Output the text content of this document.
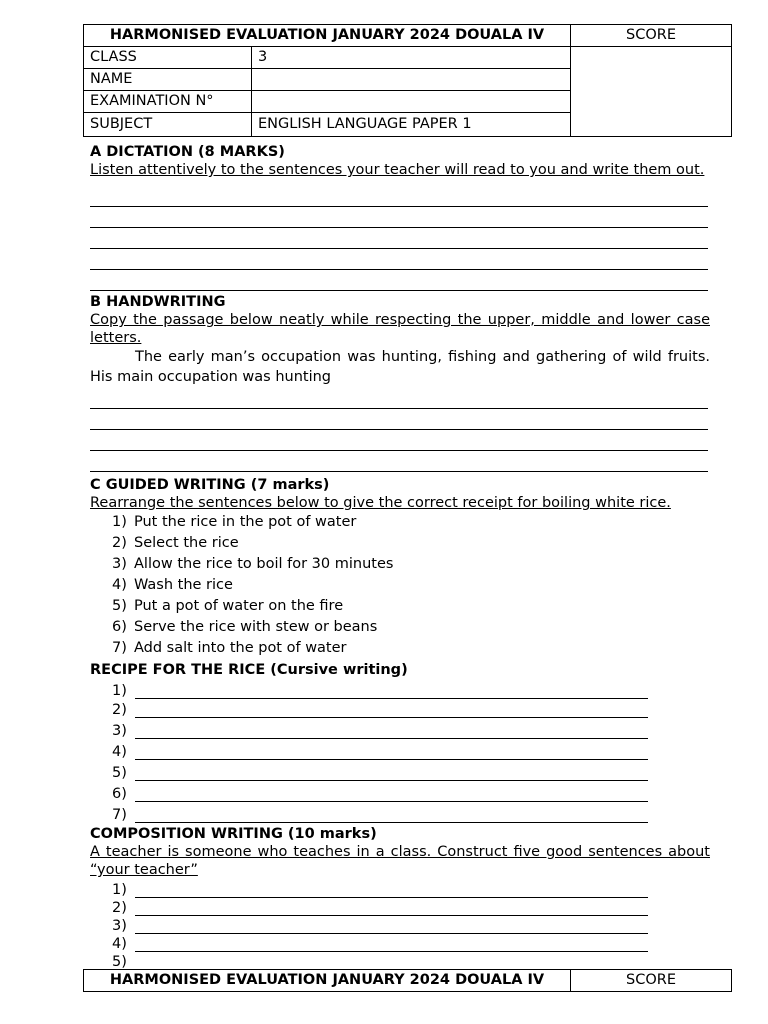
HARMONISED EVALUATION JANUARY 2024 DOUALA IV		SCORE
CLASS	3	
NAME		
EXAMINATION N°		
SUBJECT	ENGLISH LANGUAGE PAPER 1	
A DICTATION (8 MARKS)
Listen attentively to the sentences your teacher will read to you and write them out.
B HANDWRITING
Copy the passage below neatly while respecting the upper, middle and lower case letters.
The early man’s occupation was hunting, fishing and gathering of wild fruits. His main occupation was hunting
C GUIDED WRITING (7 marks)
Rearrange the sentences below to give the correct receipt for boiling white rice.
1) Put the rice in the pot of water
2) Select the rice
3) Allow the rice to boil for 30 minutes
4) Wash the rice
5) Put a pot of water on the fire
6) Serve the rice with stew or beans
7) Add salt into the pot of water
RECIPE FOR THE RICE (Cursive writing)
1)
2)
3)
4)
5)
6)
7)
COMPOSITION WRITING (10 marks)
A teacher is someone who teaches in a class. Construct five good sentences about “your teacher”
1)
2)
3)
4)
5)
HARMONISED EVALUATION JANUARY 2024 DOUALA IV	SCORE
